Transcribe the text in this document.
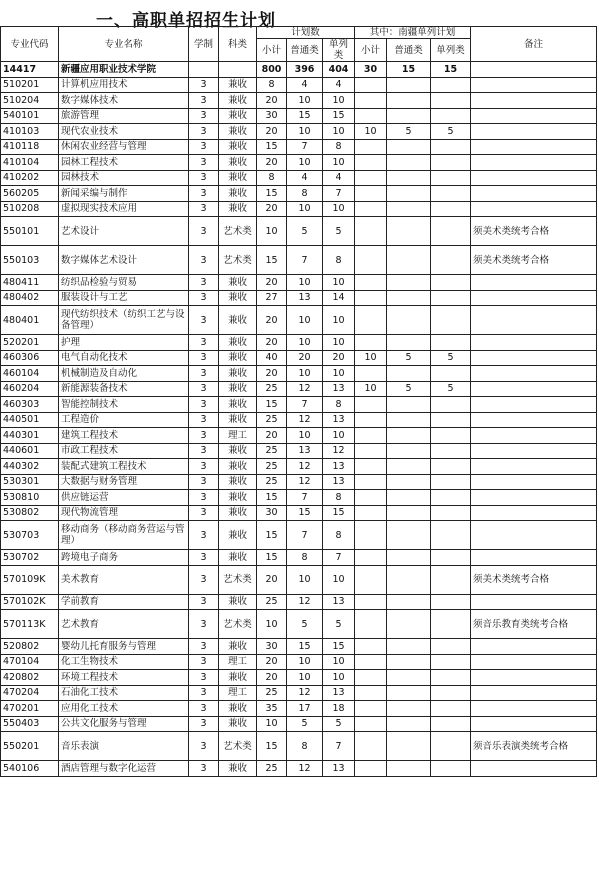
一、高职单招招生计划
专业代码	专业名称	学制	科类	计划数			其中：南疆单列计划			备注
				小计	普通类	单列类	小计	普通类	单列类	
14417	新疆应用职业技术学院			800	396	404	30	15	15	
510201	计算机应用技术	3	兼收	8	4	4				
510204	数字媒体技术	3	兼收	20	10	10				
540101	旅游管理	3	兼收	30	15	15				
410103	现代农业技术	3	兼收	20	10	10	10	5	5	
410118	休闲农业经营与管理	3	兼收	15	7	8				
410104	园林工程技术	3	兼收	20	10	10				
410202	园林技术	3	兼收	8	4	4				
560205	新闻采编与制作	3	兼收	15	8	7				
510208	虚拟现实技术应用	3	兼收	20	10	10				
550101	艺术设计	3	艺术类	10	5	5				须美术类统考合格
550103	数字媒体艺术设计	3	艺术类	15	7	8				须美术类统考合格
480411	纺织品检验与贸易	3	兼收	20	10	10				
480402	服装设计与工艺	3	兼收	27	13	14				
480401	现代纺织技术（纺织工艺与设备管理）	3	兼收	20	10	10				
520201	护理	3	兼收	20	10	10				
460306	电气自动化技术	3	兼收	40	20	20	10	5	5	
460104	机械制造及自动化	3	兼收	20	10	10				
460204	新能源装备技术	3	兼收	25	12	13	10	5	5	
460303	智能控制技术	3	兼收	15	7	8				
440501	工程造价	3	兼收	25	12	13				
440301	建筑工程技术	3	理工	20	10	10				
440601	市政工程技术	3	兼收	25	13	12				
440302	装配式建筑工程技术	3	兼收	25	12	13				
530301	大数据与财务管理	3	兼收	25	12	13				
530810	供应链运营	3	兼收	15	7	8				
530802	现代物流管理	3	兼收	30	15	15				
530703	移动商务（移动商务营运与管理）	3	兼收	15	7	8				
530702	跨境电子商务	3	兼收	15	8	7				
570109K	美术教育	3	艺术类	20	10	10				须美术类统考合格
570102K	学前教育	3	兼收	25	12	13				
570113K	艺术教育	3	艺术类	10	5	5				须音乐教育类统考合格
520802	婴幼儿托育服务与管理	3	兼收	30	15	15				
470104	化工生物技术	3	理工	20	10	10				
420802	环境工程技术	3	兼收	20	10	10				
470204	石油化工技术	3	理工	25	12	13				
470201	应用化工技术	3	兼收	35	17	18				
550403	公共文化服务与管理	3	兼收	10	5	5				
550201	音乐表演	3	艺术类	15	8	7				须音乐表演类统考合格
540106	酒店管理与数字化运营	3	兼收	25	12	13				
